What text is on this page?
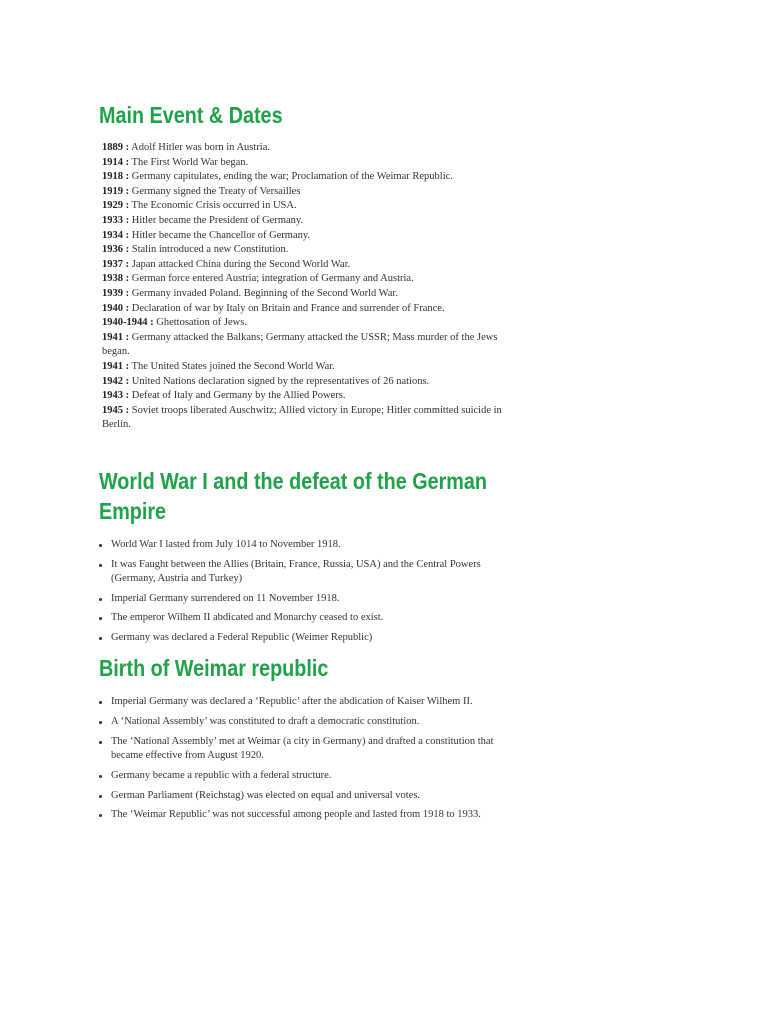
Main Event & Dates
1889 : Adolf Hitler was born in Austria.
1914 : The First World War began.
1918 : Germany capitulates, ending the war; Proclamation of the Weimar Republic.
1919 : Germany signed the Treaty of Versailles
1929 : The Economic Crisis occurred in USA.
1933 : Hitler became the President of Germany.
1934 : Hitler became the Chancellor of Germany.
1936 : Stalin introduced a new Constitution.
1937 : Japan attacked China during the Second World War.
1938 : German force entered Austria; integration of Germany and Austria.
1939 : Germany invaded Poland. Beginning of the Second World War.
1940 : Declaration of war by Italy on Britain and France and surrender of France.
1940-1944 : Ghettosation of Jews.
1941 : Germany attacked the Balkans; Germany attacked the USSR; Mass murder of the Jews began.
1941 : The United States joined the Second World War.
1942 : United Nations declaration signed by the representatives of 26 nations.
1943 : Defeat of Italy and Germany by the Allied Powers.
1945 : Soviet troops liberated Auschwitz; Allied victory in Europe; Hitler committed suicide in Berlin.
World War I and the defeat of the German
Empire
World War I lasted from July 1014 to November 1918.
It was Faught between the Allies (Britain, France, Russia, USA) and the Central Powers (Germany, Austria and Turkey)
Imperial Germany surrendered on 11 November 1918.
The emperor Wilhem II abdicated and Monarchy ceased to exist.
Germany was declared a Federal Republic (Weimer Republic)
Birth of Weimar republic
Imperial Germany was declared a ‘Republic’ after the abdication of Kaiser Wilhem II.
A ‘National Assembly’ was constituted to draft a democratic constitution.
The ‘National Assembly’ met at Weimar (a city in Germany) and drafted a constitution that became effective from August 1920.
Germany became a republic with a federal structure.
German Parliament (Reichstag) was elected on equal and universal votes.
The ‘Weimar Republic’ was not successful among people and lasted from 1918 to 1933.
